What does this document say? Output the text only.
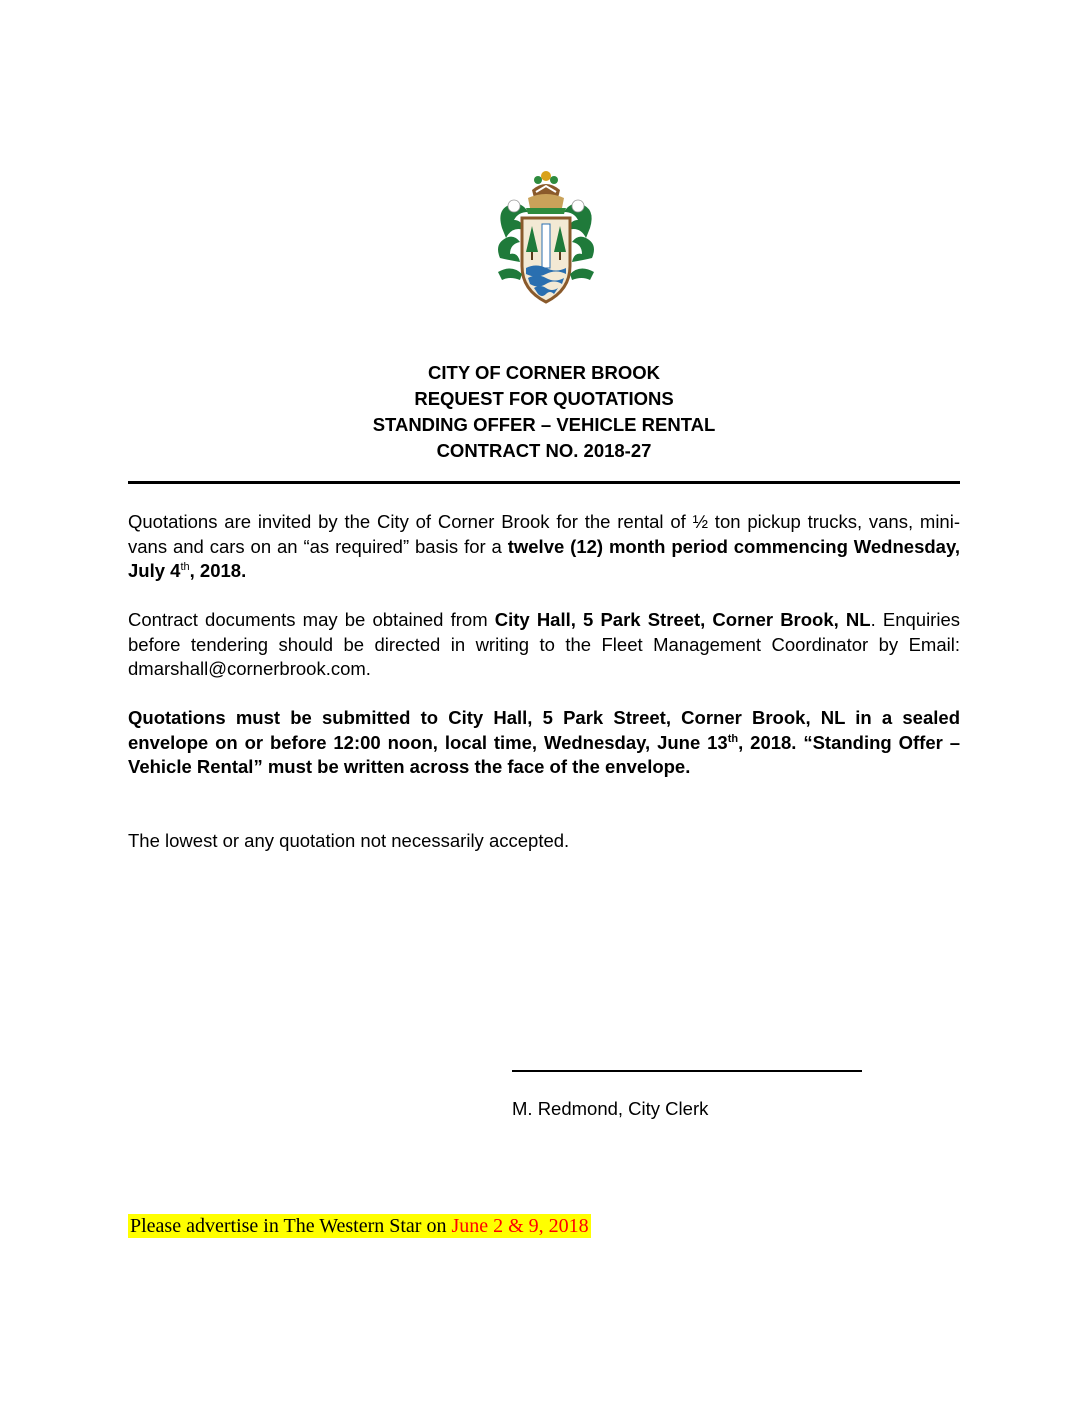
CITY OF CORNER BROOK
REQUEST FOR QUOTATIONS
STANDING OFFER – VEHICLE RENTAL
CONTRACT NO. 2018-27
Quotations are invited by the City of Corner Brook for the rental of ½ ton pickup trucks, vans, mini-vans and cars on an “as required” basis for a twelve (12) month period commencing Wednesday, July 4th, 2018.
Contract documents may be obtained from City Hall, 5 Park Street, Corner Brook, NL. Enquiries before tendering should be directed in writing to the Fleet Management Coordinator by Email: dmarshall@cornerbrook.com.
Quotations must be submitted to City Hall, 5 Park Street, Corner Brook, NL in a sealed envelope on or before 12:00 noon, local time, Wednesday, June 13th, 2018. “Standing Offer – Vehicle Rental” must be written across the face of the envelope.
The lowest or any quotation not necessarily accepted.
M. Redmond, City Clerk
Please advertise in The Western Star on June 2 & 9, 2018
